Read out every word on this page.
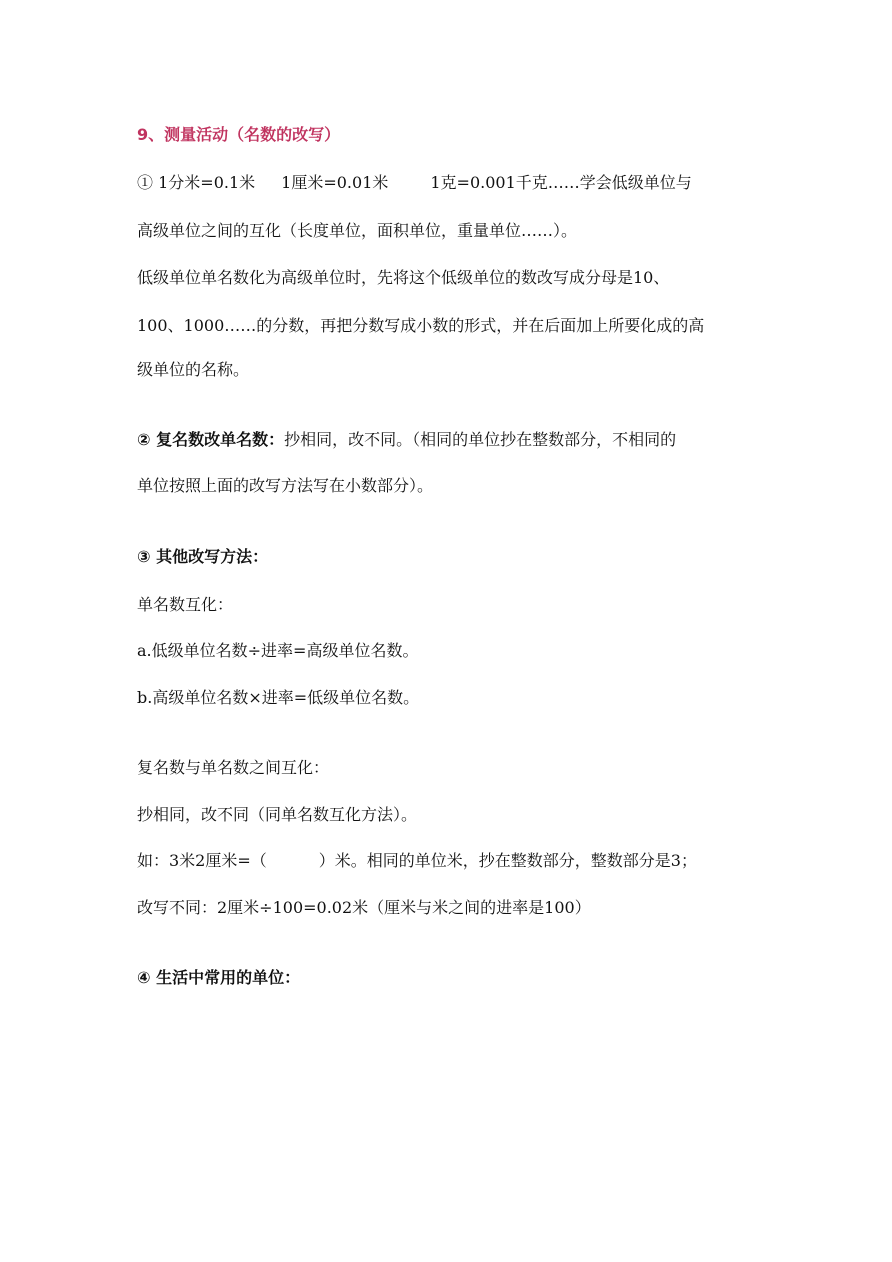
9、测量活动（名数的改写）
① 1分米=0.1米 1厘米=0.01米	1克=0.001千克……学会低级单位与
高级单位之间的互化（长度单位，面积单位，重量单位……）。
低级单位单名数化为高级单位时，先将这个低级单位的数改写成分母是10、
100、1000……的分数，再把分数写成小数的形式，并在后面加上所要化成的高
级单位的名称。
② 复名数改单名数：抄相同，改不同。（相同的单位抄在整数部分，不相同的
单位按照上面的改写方法写在小数部分）。
③ 其他改写方法：
单名数互化：
a.低级单位名数÷进率=高级单位名数。
b.高级单位名数×进率=低级单位名数。
复名数与单名数之间互化：
抄相同，改不同（同单名数互化方法）。
如：3米2厘米=（	）米。相同的单位米，抄在整数部分，整数部分是3；
改写不同：2厘米÷100=0.02米（厘米与米之间的进率是100）
④ 生活中常用的单位：
